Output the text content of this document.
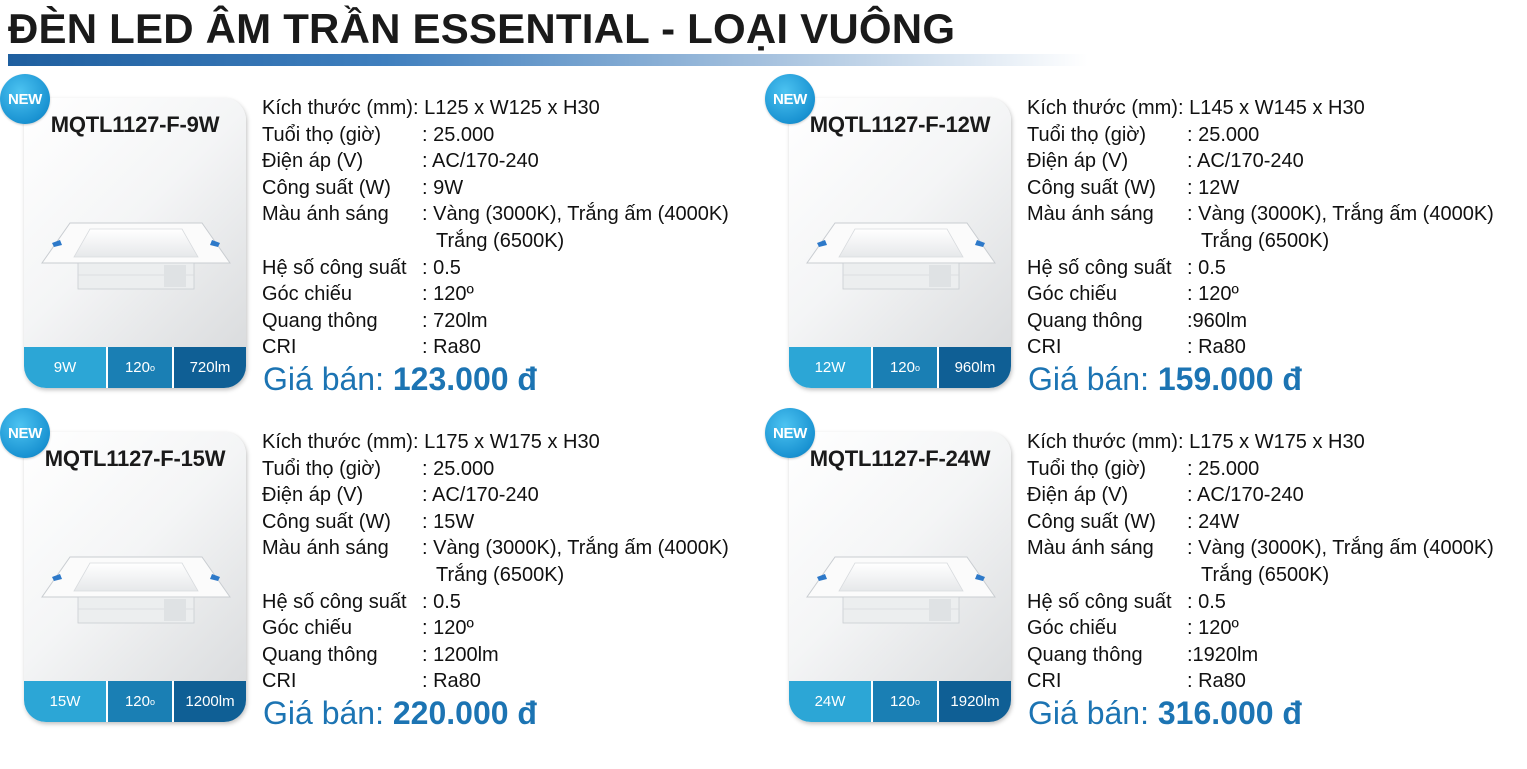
ĐÈN LED ÂM TRẦN ESSENTIAL - LOẠI VUÔNG
NEW
MQTL1127-F-9W
9W	120 o 720lm
Kích thước (mm) : L125 x W125 x H30
Tuổi thọ (giờ)	: 25.000
Điện áp (V)	: AC/170-240
Công suất (W)	: 9W
Màu ánh sáng	: Vàng (3000K), Trắng ấm (4000K)
Trắng (6500K)
Hệ số công suất : 0.5
Góc chiếu	: 120º
Quang thông	: 720lm
CRI	: Ra80
Giá bán: 123.000 đ
NEW
MQTL1127-F-12W
12W	120 o 960lm
Kích thước (mm) : L145 x W145 x H30
Tuổi thọ (giờ)	: 25.000
Điện áp (V)	: AC/170-240
Công suất (W)	: 12W
Màu ánh sáng	: Vàng (3000K), Trắng ấm (4000K)
Trắng (6500K)
Hệ số công suất : 0.5
Góc chiếu	: 120º
Quang thông	:960lm
CRI	: Ra80
Giá bán: 159.000 đ
NEW
MQTL1127-F-15W
15W	120 o 1200lm
Kích thước (mm) : L175 x W175 x H30
Tuổi thọ (giờ)	: 25.000
Điện áp (V)	: AC/170-240
Công suất (W)	: 15W
Màu ánh sáng	: Vàng (3000K), Trắng ấm (4000K)
Trắng (6500K)
Hệ số công suất : 0.5
Góc chiếu	: 120º
Quang thông	: 1200lm
CRI	: Ra80
Giá bán: 220.000 đ
NEW
MQTL1127-F-24W
24W	120 o 1920lm
Kích thước (mm) : L175 x W175 x H30
Tuổi thọ (giờ)	: 25.000
Điện áp (V)	: AC/170-240
Công suất (W)	: 24W
Màu ánh sáng	: Vàng (3000K), Trắng ấm (4000K)
Trắng (6500K)
Hệ số công suất : 0.5
Góc chiếu	: 120º
Quang thông	:1920lm
CRI	: Ra80
Giá bán: 316.000 đ
